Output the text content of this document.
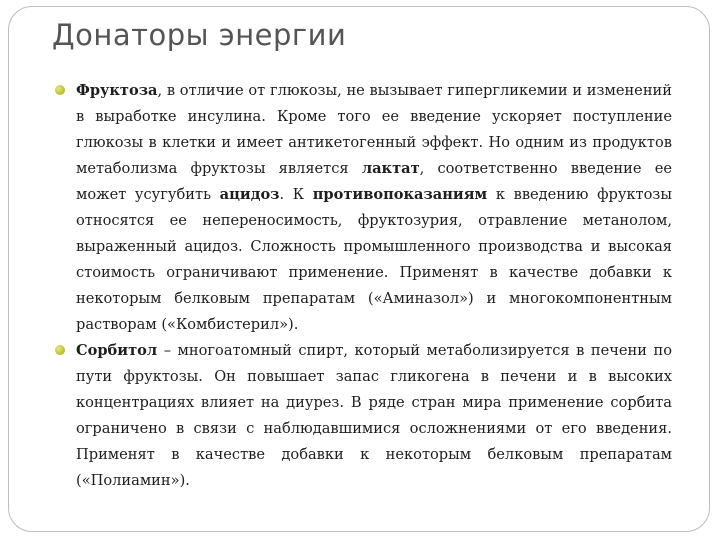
Донаторы энергии

Фруктоза, в отличие от глюкозы, не вызывает гипергликемии и изменений в выработке инсулина. Кроме того ее введение ускоряет поступление глюкозы в клетки и имеет антикетогенный эффект. Но одним из продуктов метаболизма фруктозы является лактат, соответственно введение ее может усугубить ацидоз. К противопоказаниям к введению фруктозы относятся ее непереносимость, фруктозурия, отравление метанолом, выраженный ацидоз. Сложность промышленного производства и высокая стоимость ограничивают применение. Применят в качестве добавки к некоторым белковым препаратам («Аминазол») и многокомпонентным растворам («Комбистерил»).

Сорбитол – многоатомный спирт, который метаболизируется в печени по пути фруктозы. Он повышает запас гликогена в печени и в высоких концентрациях влияет на диурез. В ряде стран мира применение сорбита ограничено в связи с наблюдавшимися осложнениями от его введения. Применят в качестве добавки к некоторым белковым препаратам («Полиамин»).
